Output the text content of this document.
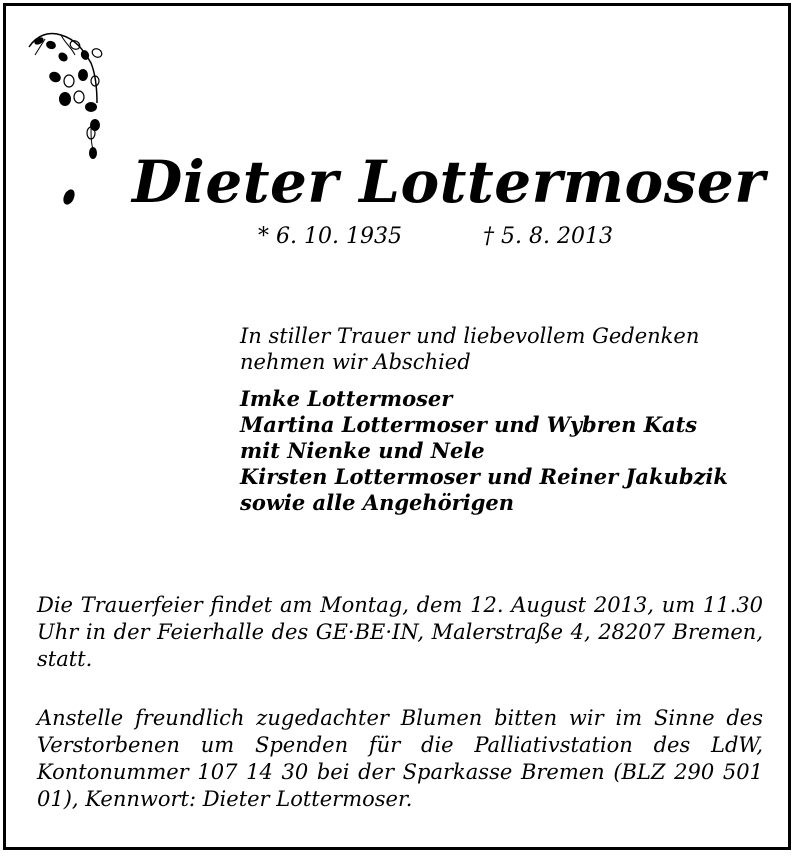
Dieter Lottermoser
* 6. 10. 1935	† 5. 8. 2013
In stiller Trauer und liebevollem Gedenken
nehmen wir Abschied
Imke Lottermoser
Martina Lottermoser und Wybren Kats
mit Nienke und Nele
Kirsten Lottermoser und Reiner Jakubzik
sowie alle Angehörigen
Die Trauerfeier findet am Montag, dem 12. August 2013, um 11.30 Uhr in der Feierhalle des GE·BE·IN, Malerstraße 4, 28207 Bremen, statt.
Anstelle freundlich zugedachter Blumen bitten wir im Sinne des Verstorbenen um Spenden für die Palliativstation des LdW, Kontonummer 107 14 30 bei der Sparkasse Bremen (BLZ 290 501 01), Kennwort: Dieter Lottermoser.
